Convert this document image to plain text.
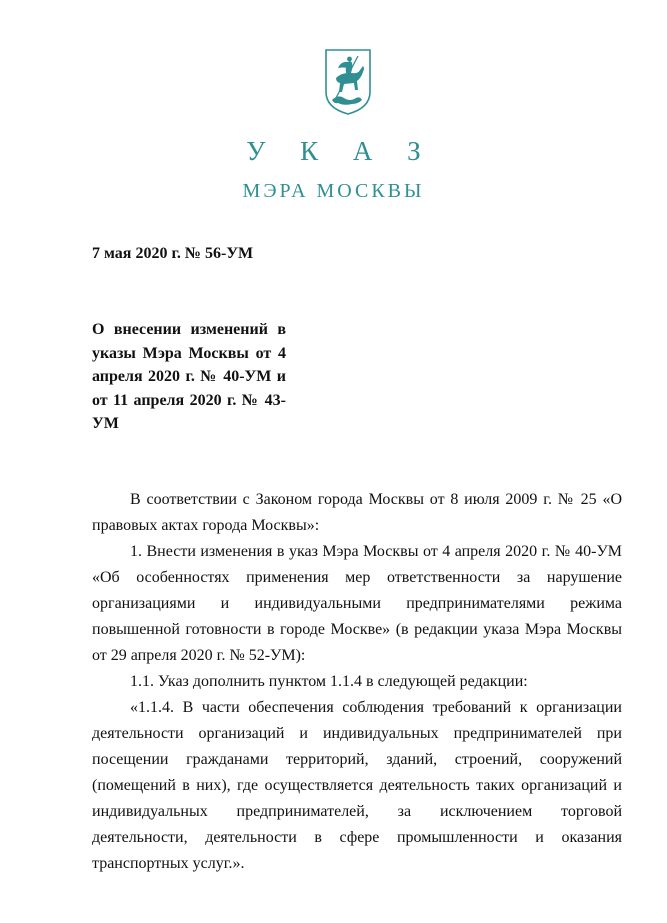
У К А З
МЭРА МОСКВЫ
7 мая 2020 г. № 56-УМ
О внесении изменений в указы Мэра Москвы от 4 апреля 2020 г. № 40-УМ и от 11 апреля 2020 г. № 43-УМ

В соответствии с Законом города Москвы от 8 июля 2009 г. № 25 «О правовых актах города Москвы»:

1. Внести изменения в указ Мэра Москвы от 4 апреля 2020 г. № 40-УМ «Об особенностях применения мер ответственности за нарушение организациями и индивидуальными предпринимателями режима повышенной готовности в городе Москве» (в редакции указа Мэра Москвы от 29 апреля 2020 г. № 52-УМ):

1.1. Указ дополнить пунктом 1.1.4 в следующей редакции:

«1.1.4. В части обеспечения соблюдения требований к организации деятельности организаций и индивидуальных предпринимателей при посещении гражданами территорий, зданий, строений, сооружений (помещений в них), где осуществляется деятельность таких организаций и индивидуальных предпринимателей, за исключением торговой деятельности, деятельности в сфере промышленности и оказания транспортных услуг.».
